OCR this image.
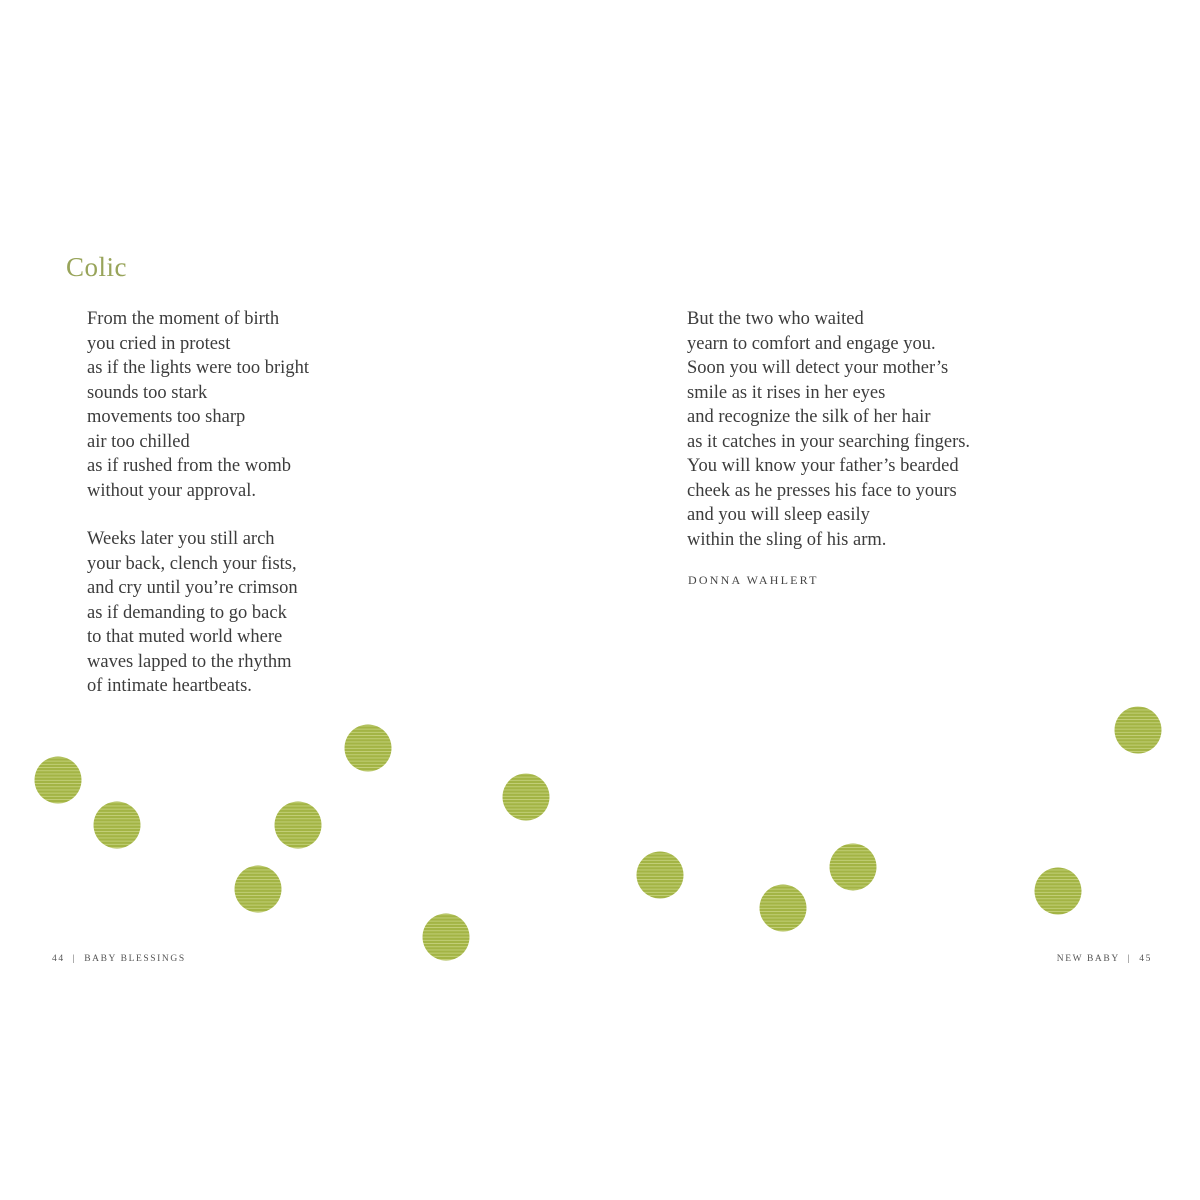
Colic

From the moment of birth
you cried in protest
as if the lights were too bright
sounds too stark
movements too sharp
air too chilled
as if rushed from the womb
without your approval.

Weeks later you still arch
your back, clench your fists,
and cry until you’re crimson
as if demanding to go back
to that muted world where
waves lapped to the rhythm
of intimate heartbeats.

But the two who waited
yearn to comfort and engage you.
Soon you will detect your mother’s
smile as it rises in her eyes
and recognize the silk of her hair
as it catches in your searching fingers.
You will know your father’s bearded
cheek as he presses his face to yours
and you will sleep easily
within the sling of his arm.

DONNA WAHLERT
44 | BABY BLESSINGS	NEW BABY | 45
